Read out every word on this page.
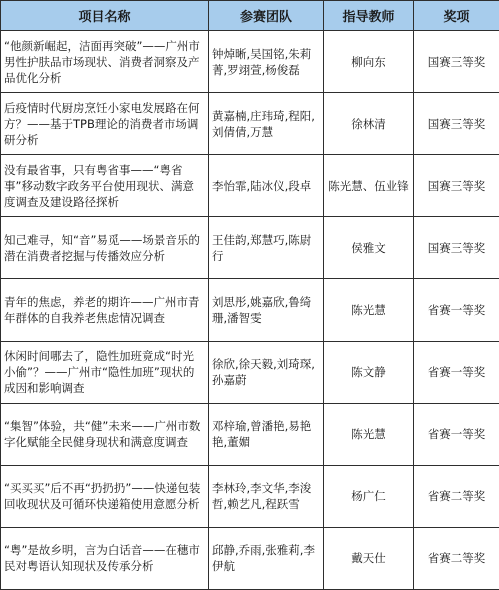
项目名称	参赛团队	指导教师	奖项
“他颜新崛起，洁面再突破”——广州市男性护肤品市场现状、消费者洞察及产品优化分析	钟焯晰,吴国铭,朱莉菁,罗翊萱,杨俊磊	柳向东	国赛三等奖
后疫情时代厨房烹饪小家电发展路在何方？——基于TPB理论的消费者市场调研分析	黄嘉楠,庄玮琦,程阳,刘倩倩,万慧	徐林清	国赛三等奖
没有最省事，只有粤省事——“粤省事”移动数字政务平台使用现状、满意度调查及建设路径探析	李怡霏,陆冰仪,段卓	陈光慧、伍业锋	国赛三等奖
知己难寻，知“音”易觅——场景音乐的潜在消费者挖掘与传播效应分析	王佳韵,郑慧巧,陈尉行	侯雅文	国赛三等奖
青年的焦虑，养老的期许——广州市青年群体的自我养老焦虑情况调查	刘思彤,姚嘉欣,鲁绮珊,潘智雯	陈光慧	省赛一等奖
休闲时间哪去了，隐性加班竟成“时光小偷”？——广州市“隐性加班”现状的成因和影响调查	徐欣,徐天毅,刘琦琛,孙嘉蔚	陈文静	省赛一等奖
“集智”体验，共“健”未来——广州市数字化赋能全民健身现状和满意度调查	邓梓瑜,曾潘艳,易艳艳,董媚	陈光慧	省赛一等奖
“买买买”后不再“扔扔扔”——快递包装回收现状及可循环快递箱使用意愿分析	李林玲,李文华,李浚哲,赖艺凡,程跃雪	杨广仁	省赛二等奖
“粤”是故乡明，言为白话音——在穗市民对粤语认知现状及传承分析	邱静,乔雨,张雅莉,李伊航	戴天仕	省赛二等奖
